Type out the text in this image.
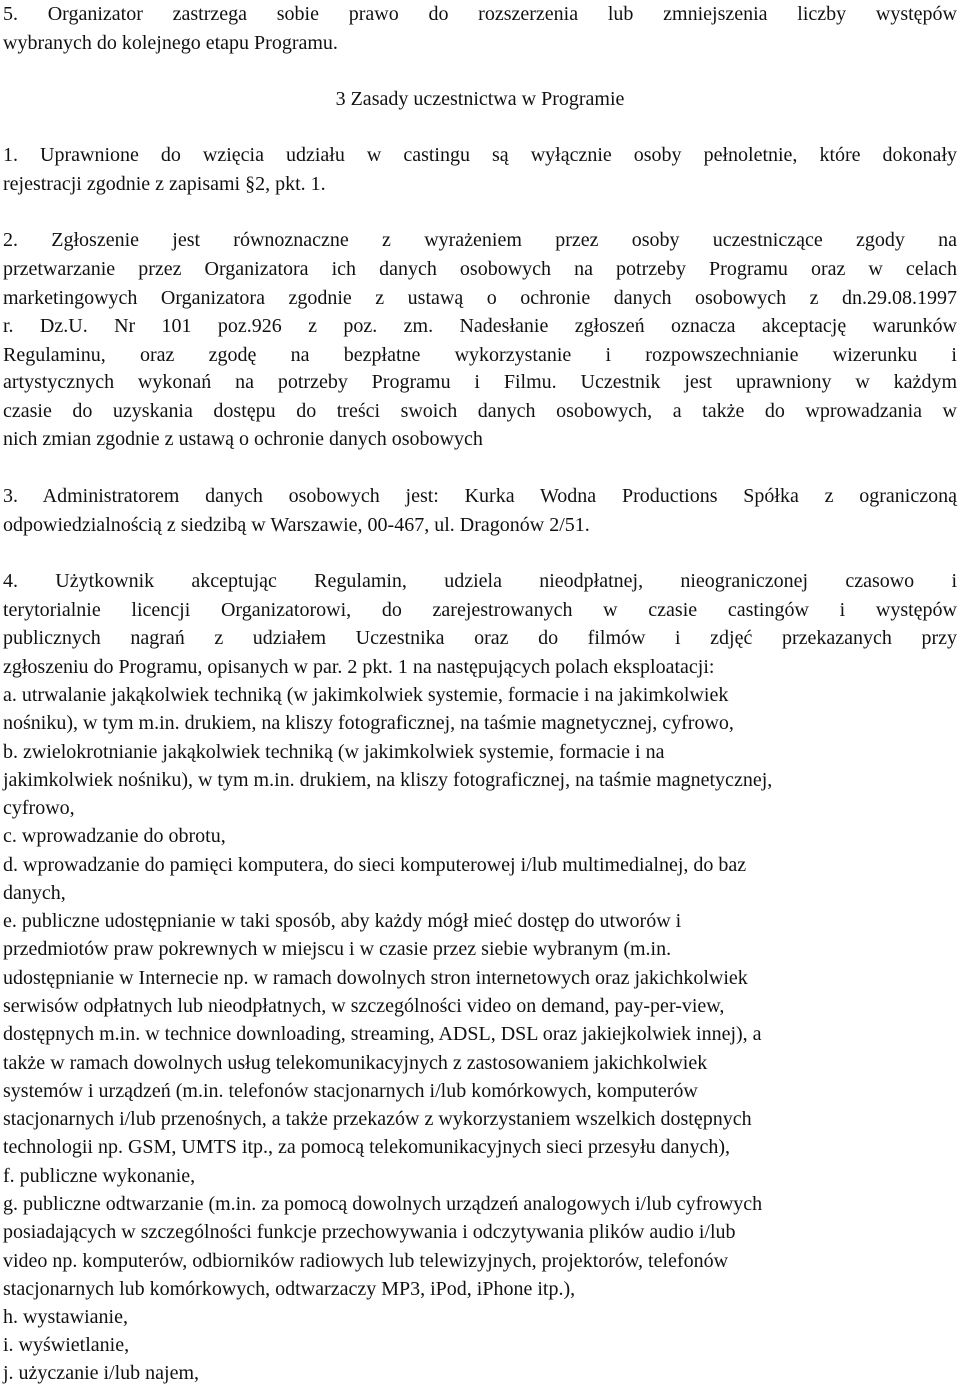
5. Organizator zastrzega sobie prawo do rozszerzenia lub zmniejszenia liczby występów
wybranych do kolejnego etapu Programu.
3 Zasady uczestnictwa w Programie
1. Uprawnione do wzięcia udziału w castingu są wyłącznie osoby pełnoletnie, które dokonały
rejestracji zgodnie z zapisami §2, pkt. 1.
2. Zgłoszenie jest równoznaczne z wyrażeniem przez osoby uczestniczące zgody na
przetwarzanie przez Organizatora ich danych osobowych na potrzeby Programu oraz w celach
marketingowych Organizatora zgodnie z ustawą o ochronie danych osobowych z dn.29.08.1997
r. Dz.U. Nr 101 poz.926 z poz. zm. Nadesłanie zgłoszeń oznacza akceptację warunków
Regulaminu, oraz zgodę na bezpłatne wykorzystanie i rozpowszechnianie wizerunku i
artystycznych wykonań na potrzeby Programu i Filmu. Uczestnik jest uprawniony w każdym
czasie do uzyskania dostępu do treści swoich danych osobowych, a także do wprowadzania w
nich zmian zgodnie z ustawą o ochronie danych osobowych
3. Administratorem danych osobowych jest: Kurka Wodna Productions Spółka z ograniczoną
odpowiedzialnością z siedzibą w Warszawie, 00-467, ul. Dragonów 2/51.
4. Użytkownik akceptując Regulamin, udziela nieodpłatnej, nieograniczonej czasowo i
terytorialnie licencji Organizatorowi, do zarejestrowanych w czasie castingów i występów
publicznych nagrań z udziałem Uczestnika oraz do filmów i zdjęć przekazanych przy
zgłoszeniu do Programu, opisanych w par. 2 pkt. 1 na następujących polach eksploatacji:
a. utrwalanie jakąkolwiek techniką (w jakimkolwiek systemie, formacie i na jakimkolwiek
nośniku), w tym m.in. drukiem, na kliszy fotograficznej, na taśmie magnetycznej, cyfrowo,
b. zwielokrotnianie jakąkolwiek techniką (w jakimkolwiek systemie, formacie i na
jakimkolwiek nośniku), w tym m.in. drukiem, na kliszy fotograficznej, na taśmie magnetycznej,
cyfrowo,
c. wprowadzanie do obrotu,
d. wprowadzanie do pamięci komputera, do sieci komputerowej i/lub multimedialnej, do baz
danych,
e. publiczne udostępnianie w taki sposób, aby każdy mógł mieć dostęp do utworów i
przedmiotów praw pokrewnych w miejscu i w czasie przez siebie wybranym (m.in.
udostępnianie w Internecie np. w ramach dowolnych stron internetowych oraz jakichkolwiek
serwisów odpłatnych lub nieodpłatnych, w szczególności video on demand, pay-per-view,
dostępnych m.in. w technice downloading, streaming, ADSL, DSL oraz jakiejkolwiek innej), a
także w ramach dowolnych usług telekomunikacyjnych z zastosowaniem jakichkolwiek
systemów i urządzeń (m.in. telefonów stacjonarnych i/lub komórkowych, komputerów
stacjonarnych i/lub przenośnych, a także przekazów z wykorzystaniem wszelkich dostępnych
technologii np. GSM, UMTS itp., za pomocą telekomunikacyjnych sieci przesyłu danych),
f. publiczne wykonanie,
g. publiczne odtwarzanie (m.in. za pomocą dowolnych urządzeń analogowych i/lub cyfrowych
posiadających w szczególności funkcje przechowywania i odczytywania plików audio i/lub
video np. komputerów, odbiorników radiowych lub telewizyjnych, projektorów, telefonów
stacjonarnych lub komórkowych, odtwarzaczy MP3, iPod, iPhone itp.),
h. wystawianie,
i. wyświetlanie,
j. użyczanie i/lub najem,
